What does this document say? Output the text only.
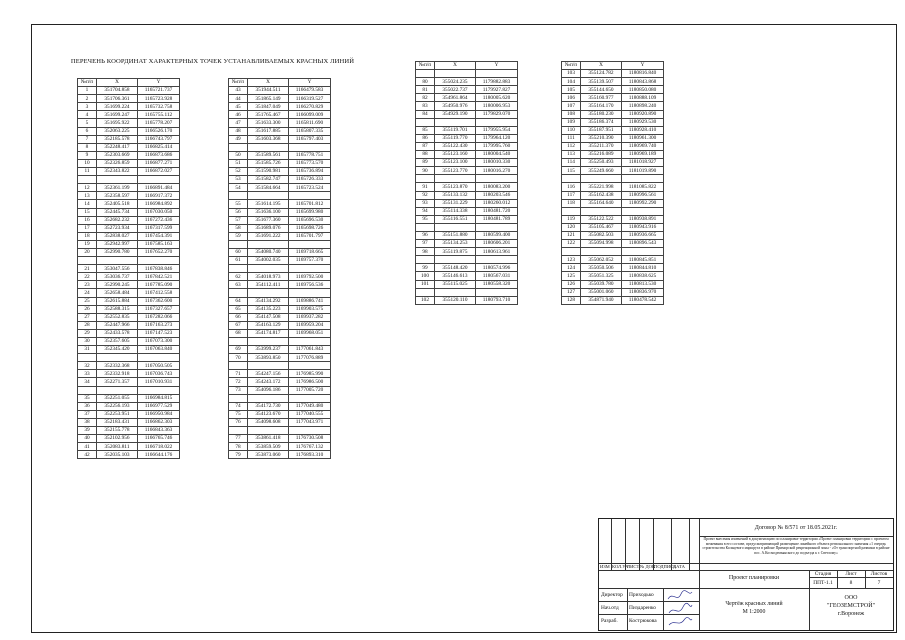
ПЕРЕЧЕНЬ КООРДИНАТ ХАРАКТЕРНЫХ ТОЧЕК УСТАНАВЛИВАЕМЫХ КРАСНЫХ ЛИНИЙ
№п/п	X	Y
1	351704.858	1165721.737
2	351706.361	1165723.928
3	351699.224	1165732.758
4	351699.247	1165755.112
5	351695.922	1165778.207
6	352063.225	1166526.170
7	352185.578	1166743.797
8	352248.417	1166825.414
9	352303.669	1166873.686
10	352326.859	1166877.271
11	352343.822	1166872.027

12	352361.199	1166891.484
13	352358.597	1166917.372
14	352405.518	1166984.892
15	352445.734	1167030.050
16	352682.232	1167272.436
17	352723.934	1167317.599
18	352838.027	1167454.391
19	352942.997	1167585.163
20	352990.780	1167652.270

21	353047.556	1167838.846
22	353036.737	1167842.521
23	352990.245	1167785.090
24	352658.484	1167412.558
25	352615.884	1167362.600
26	352588.315	1167327.657
27	352552.835	1167282.066
28	352447.966	1167163.273
29	352433.578	1167147.523
30	352357.605	1167073.300
31	352345.420	1167063.840

32	352332.368	1167050.505
33	352332.918	1167036.743
34	352271.357	1167010.931

35	352251.055	1166984.815
36	352256.193	1166977.529
37	352253.951	1166950.984
38	352183.431	1166862.303
39	352155.778	1166843.363
40	352102.956	1166765.746
41	352083.811	1166718.022
42	352035.103	1166644.176
№п/п	X	Y
43	351944.511	1166479.583
44	351865.149	1166319.527
45	351847.049	1166270.829
46	351765.467	1166099.009
47	351633.300	1165811.690
48	351617.885	1165807.335
49	351603.368	1165797.403

50	351589.561	1165778.751
51	351585.726	1165773.570
52	351590.981	1165736.894
53	351582.747	1165726.333
54	351584.664	1165723.524

55	351614.195	1165701.812
56	351636.100	1165699.980
57	351677.360	1165696.530
58	351689.076	1165698.726
59	351691.222	1165701.797

60	354080.740	1169718.665
61	354002.035	1169757.370

62	354018.973	1169792.500
63	354112.411	1169756.536

64	354134.292	1169886.741
65	354135.223	1169903.575
66	354147.508	1169937.282
67	354163.129	1169959.204
68	354174.817	1169968.051

69	353999.237	1177061.843
70	353893.850	1177076.889

71	354247.156	1176985.990
72	354243.172	1176986.500
73	354096.186	1177005.720

74	354172.730	1177049.480
75	354123.670	1177040.555
76	354098.608	1177043.971

77	353861.418	1176730.508
78	353859.509	1176767.132
79	353873.060	1176893.310
№п/п	X	Y

80	355024.235	1179882.883
81	355022.737	1179927.827
82	354961.864	1180005.620
83	354950.976	1180006.953
84	354929.190	1179829.070

85	355119.701	1179955.954
86	355119.770	1179964.120
87	355122.430	1179995.760
88	355123.160	1180004.540
89	355123.100	1180010.330
90	355123.770	1180016.270

91	355123.870	1180083.200
92	355133.132	1180203.546
93	355131.229	1180260.012
94	355114.338	1180481.720
95	355116.551	1180481.789

96	355151.880	1180599.400
97	355134.253	1180606.201
98	355119.875	1180613.961

99	355148.420	1180574.996
100	355146.613	1180567.031
101	355115.025	1180558.320

102	355120.110	1180793.710
№п/п	X	Y
103	355124.782	1180816.840
104	355139.507	1180843.868
105	355144.650	1180850.080
106	355160.977	1180888.109
107	355164.170	1180898.240
108	355180.230	1180920.890
109	355186.374	1180929.530
110	355187.951	1180928.410
111	355210.390	1180961.300
112	355211.370	1180969.740
113	355216.089	1180969.189
114	355250.493	1181018.927
115	355249.660	1181019.890

116	355221.998	1181085.822
117	355162.438	1180996.561
118	355164.640	1180992.290

119	355122.522	1180938.891
120	355105.467	1180943.916
121	355082.503	1180936.665
122	355094.998	1180896.543

123	355062.052	1180845.851
124	355050.506	1180844.810
125	355051.325	1180838.625
126	355039.780	1180813.530
127	355001.060	1180836.970
128	354871.940	1180478.542
Договор № 8/571 от 18.05.2021г.
Проект внесения изменений в документацию по планировке территории «Проект планировки территории с проектом межевания в его составе, предусматривающий размещение линейного объекта регионального значения «1 очередь строительства Кольцевого маршрута в районе Приморской рекреационной зоны - «От транспортной развязки в районе пос. А.Космодемьянского до подъезда к г. Светлому»
ИЗМ КОЛ.УЧ
ЛИСТ № ДОК
ПОДПИСЬ
ДАТА
Проект планировки
Стадия	Лист	Листов
ППТ-1.1	8	7
Директор Приходько
Нач.отд Пиздаренко
Разраб. Кострюкова
Чертёж красных линий
М 1:2000
ООО
"ГЕОЗЕМСТРОЙ"
г.Воронеж
